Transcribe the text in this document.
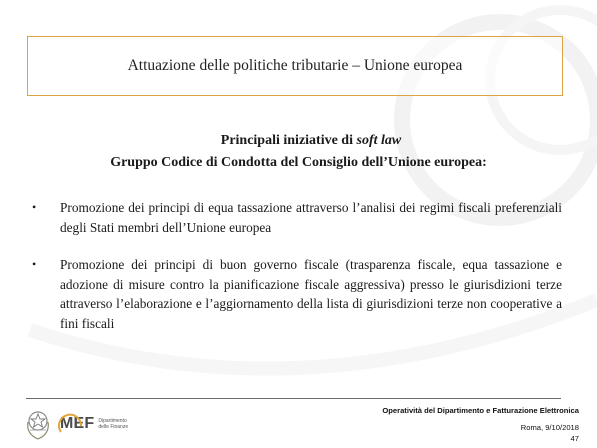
Attuazione delle politiche tributarie – Unione europea
Principali iniziative di soft law
Gruppo Codice di Condotta del Consiglio dell’Unione europea:
•	Promozione dei principi di equa tassazione attraverso l’analisi dei regimi fiscali preferenziali degli Stati membri dell’Unione europea
•	Promozione dei principi di buon governo fiscale (trasparenza fiscale, equa tassazione e adozione di misure contro la pianificazione fiscale aggressiva) presso le giurisdizioni terze attraverso l’elaborazione e l’aggiornamento della lista di giurisdizioni terze non cooperative a fini fiscali
MEF Dipartimento delle Finanze
Operatività del Dipartimento e Fatturazione Elettronica
Roma, 9/10/2018
47
